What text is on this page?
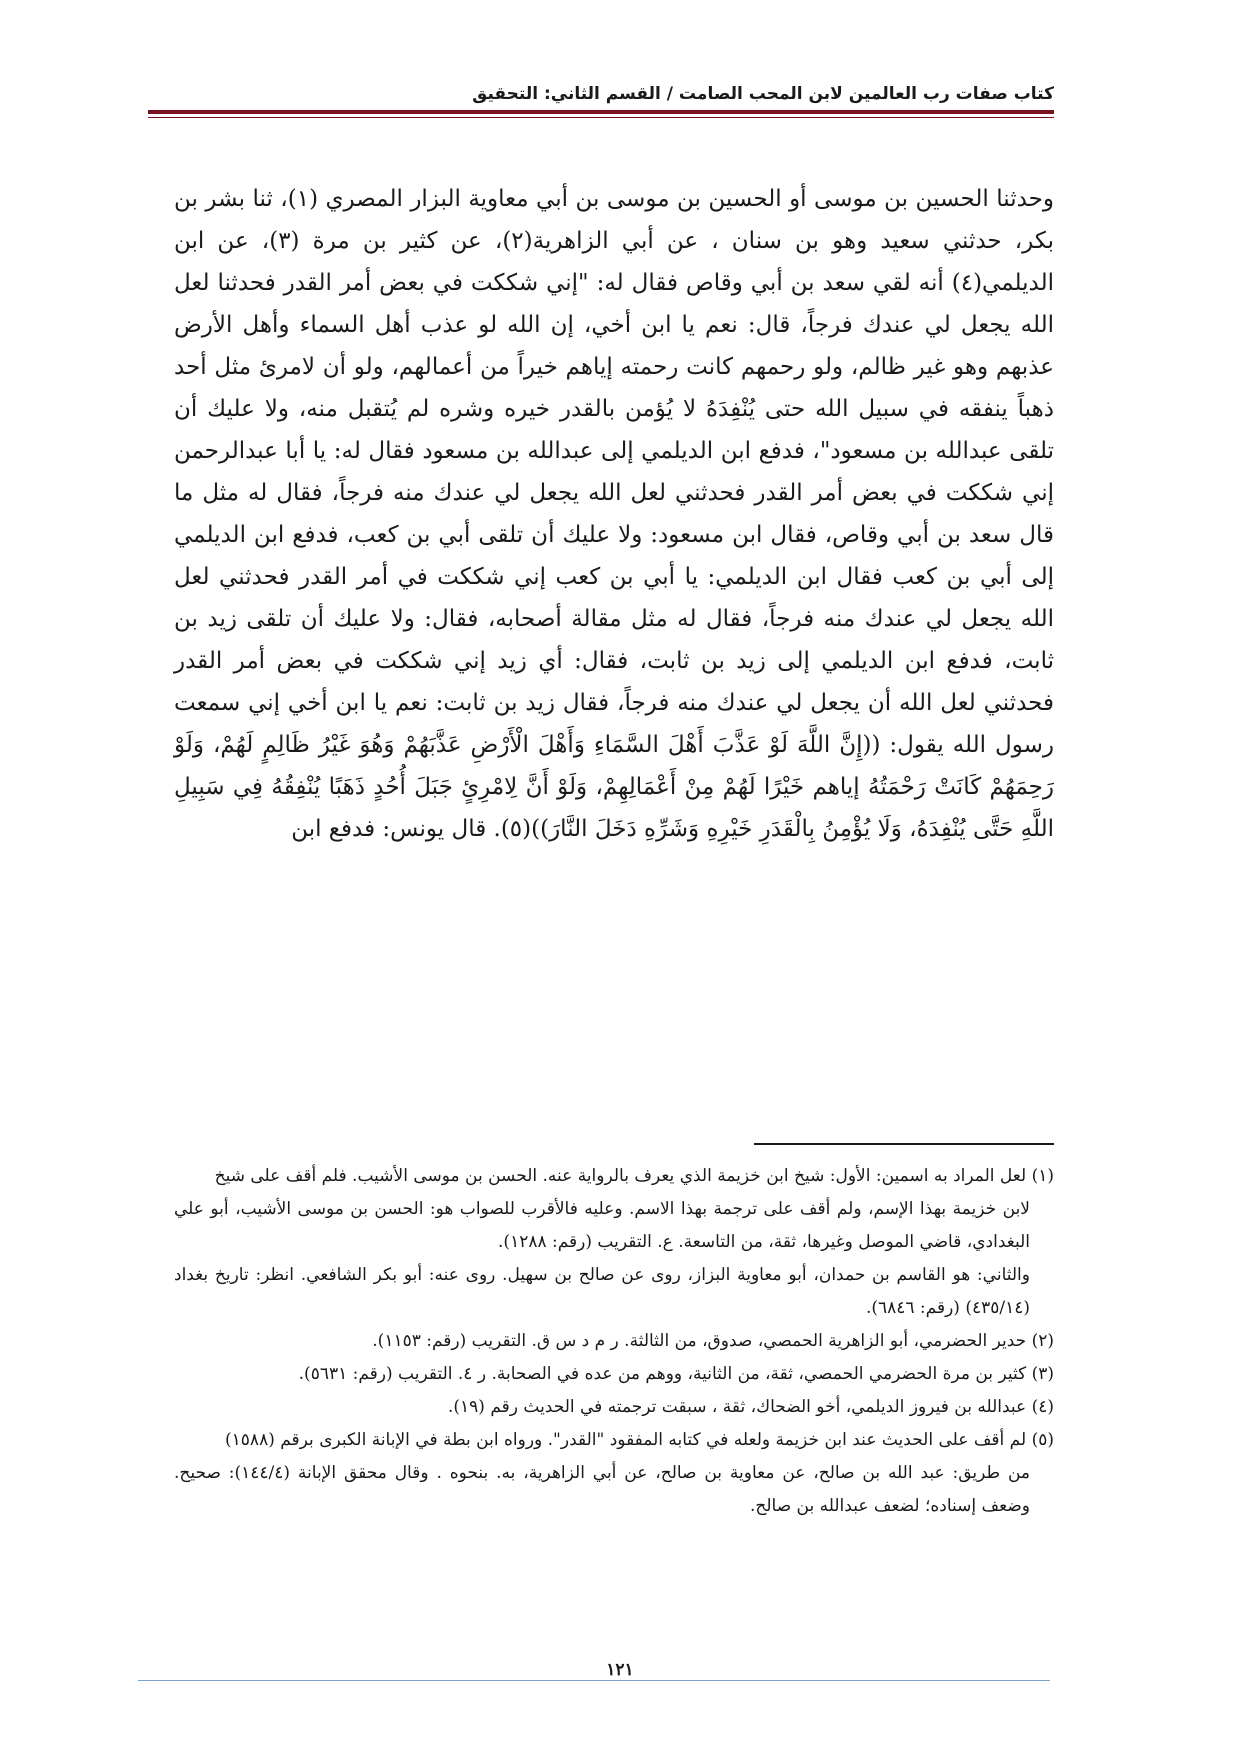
كتاب صفات رب العالمين لابن المحب الصامت / القسم الثاني: التحقيق

وحدثنا الحسين بن موسى أو الحسين بن موسى بن أبي معاوية البزار المصري (١)، ثنا بشر بن بكر، حدثني سعيد وهو بن سنان ، عن أبي الزاهرية(٢)، عن كثير بن مرة (٣)، عن ابن الديلمي(٤) أنه لقي سعد بن أبي وقاص فقال له: "إني شككت في بعض أمر القدر فحدثنا لعل الله يجعل لي عندك فرجاً، قال: نعم يا ابن أخي، إن الله لو عذب أهل السماء وأهل الأرض عذبهم وهو غير ظالم، ولو رحمهم كانت رحمته إياهم خيراً من أعمالهم، ولو أن لامرئ مثل أحد ذهباً ينفقه في سبيل الله حتى يُنْفِدَهُ لا يُؤمن بالقدر خيره وشره لم يُتقبل منه، ولا عليك أن تلقى عبدالله بن مسعود"، فدفع ابن الديلمي إلى عبدالله بن مسعود فقال له: يا أبا عبدالرحمن إني شككت في بعض أمر القدر فحدثني لعل الله يجعل لي عندك منه فرجاً، فقال له مثل ما قال سعد بن أبي وقاص، فقال ابن مسعود: ولا عليك أن تلقى أبي بن كعب، فدفع ابن الديلمي إلى أبي بن كعب فقال ابن الديلمي: يا أبي بن كعب إني شككت في أمر القدر فحدثني لعل الله يجعل لي عندك منه فرجاً، فقال له مثل مقالة أصحابه، فقال: ولا عليك أن تلقى زيد بن ثابت، فدفع ابن الديلمي إلى زيد بن ثابت، فقال: أي زيد إني شككت في بعض أمر القدر فحدثني لعل الله أن يجعل لي عندك منه فرجاً، فقال زيد بن ثابت: نعم يا ابن أخي إني سمعت رسول الله يقول: ((إِنَّ اللَّهَ لَوْ عَذَّبَ أَهْلَ السَّمَاءِ وَأَهْلَ الْأَرْضِ عَذَّبَهُمْ وَهُوَ غَيْرُ ظَالِمٍ لَهُمْ، وَلَوْ رَحِمَهُمْ كَانَتْ رَحْمَتُهُ إياهم خَيْرًا لَهُمْ مِنْ أَعْمَالِهِمْ، وَلَوْ أَنَّ لِامْرِئٍ جَبَلَ أُحُدٍ ذَهَبًا يُنْفِقُهُ فِي سَبِيلِ اللَّهِ حَتَّى يُنْفِدَهُ، وَلَا يُؤْمِنُ بِالْقَدَرِ خَيْرِهِ وَشَرِّهِ دَخَلَ النَّارَ))(٥). قال يونس: فدفع ابن

(١) لعل المراد به اسمين: الأول: شيخ ابن خزيمة الذي يعرف بالرواية عنه. الحسن بن موسى الأشيب. فلم أقف على شيخ
لابن خزيمة بهذا الإسم، ولم أقف على ترجمة بهذا الاسم. وعليه فالأقرب للصواب هو: الحسن بن موسى الأشيب، أبو علي البغدادي، قاضي الموصل وغيرها، ثقة، من التاسعة. ع. التقريب (رقم: ١٢٨٨).
والثاني: هو القاسم بن حمدان، أبو معاوية البزاز، روى عن صالح بن سهيل. روى عنه: أبو بكر الشافعي. انظر: تاريخ بغداد (٤٣٥/١٤) (رقم: ٦٨٤٦).
(٢) حدير الحضرمي، أبو الزاهرية الحمصي، صدوق، من الثالثة. ر م د س ق. التقريب (رقم: ١١٥٣).
(٣) كثير بن مرة الحضرمي الحمصي، ثقة، من الثانية، ووهم من عده في الصحابة. ر ٤. التقريب (رقم: ٥٦٣١).
(٤) عبدالله بن فيروز الديلمي، أخو الضحاك، ثقة ، سبقت ترجمته في الحديث رقم (١٩).
(٥) لم أقف على الحديث عند ابن خزيمة ولعله في كتابه المفقود "القدر". ورواه ابن بطة في الإبانة الكبرى برقم (١٥٨٨)
من طريق: عبد الله بن صالح، عن معاوية بن صالح، عن أبي الزاهرية، به. بنحوه . وقال محقق الإبانة (١٤٤/٤): صحيح. وضعف إسناده؛ لضعف عبدالله بن صالح.
١٢١
